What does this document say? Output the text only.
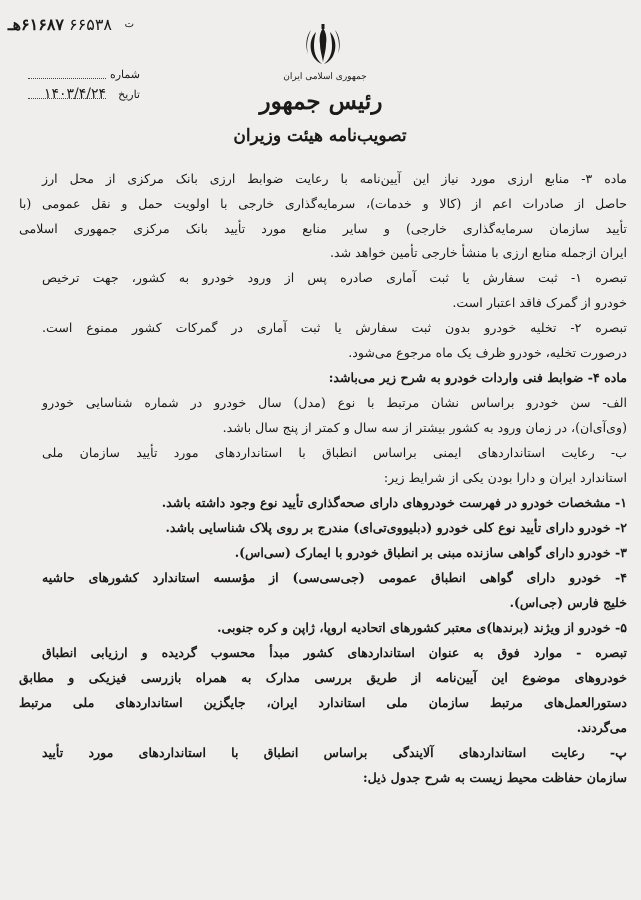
۶۱۶۸۷هـ	ت
۶۶۵۳۸
شماره
تاریخ
۱۴۰۳/۴/۲۴
جمهوری اسلامی ایران
رئیس جمهور
تصویب‌نامه هیئت وزیران
ماده ۳- منابع ارزی مورد نیاز این آیین‌نامه با رعایت ضوابط ارزی بانک مرکزی از محل ارز
حاصل از صادرات اعم از (کالا و خدمات)، سرمایه‌گذاری خارجی با اولویت حمل و نقل عمومی (با
تأیید سازمان سرمایه‌گذاری خارجی) و سایر منابع مورد تأیید بانک مرکزی جمهوری اسلامی
ایران ازجمله منابع ارزی با منشأ خارجی تأمین خواهد شد.
تبصره ۱- ثبت سفارش یا ثبت آماری صادره پس از ورود خودرو به کشور، جهت ترخیص
خودرو از گمرک فاقد اعتبار است.
تبصره ۲- تخلیه خودرو بدون ثبت سفارش یا ثبت آماری در گمرکات کشور ممنوع است.
درصورت تخلیه، خودرو ظرف یک ماه مرجوع می‌شود.
ماده ۴- ضوابط فنی واردات خودرو به شرح زیر می‌باشد:
الف- سن خودرو براساس نشان مرتبط با نوع (مدل) سال خودرو در شماره شناسایی خودرو
(وی‌آی‌ان)، در زمان ورود به کشور بیشتر از سه سال و کمتر از پنج سال باشد.
ب- رعایت استانداردهای ایمنی براساس انطباق با استانداردهای مورد تأیید سازمان ملی
استاندارد ایران و دارا بودن یکی از شرایط زیر:
۱- مشخصات خودرو در فهرست خودروهای دارای صحه‌گذاری تأیید نوع وجود داشته باشد.
۲- خودرو دارای تأیید نوع کلی خودرو (دبلیووی‌تی‌ای) مندرج بر روی پلاک شناسایی باشد.
۳- خودرو دارای گواهی سازنده مبنی بر انطباق خودرو با ایمارک (سی‌اس).
۴- خودرو دارای گواهی انطباق عمومی (جی‌سی‌سی) از مؤسسه استاندارد کشورهای حاشیه
خلیج فارس (جی‌اس).
۵- خودرو از ویژند (برندها)ی معتبر کشورهای اتحادیه اروپا، ژاپن و کره جنوبی.
تبصره - موارد فوق به عنوان استانداردهای کشور مبدأ محسوب گردیده و ارزیابی انطباق
خودروهای موضوع این آیین‌نامه از طریق بررسی مدارک به همراه بازرسی فیزیکی و مطابق
دستورالعمل‌های مرتبط سازمان ملی استاندارد ایران، جایگزین استانداردهای ملی مرتبط
می‌گردند.
پ- رعایت استانداردهای آلایندگی براساس انطباق با استانداردهای مورد تأیید
سازمان حفاظت محیط زیست به شرح جدول ذیل:
